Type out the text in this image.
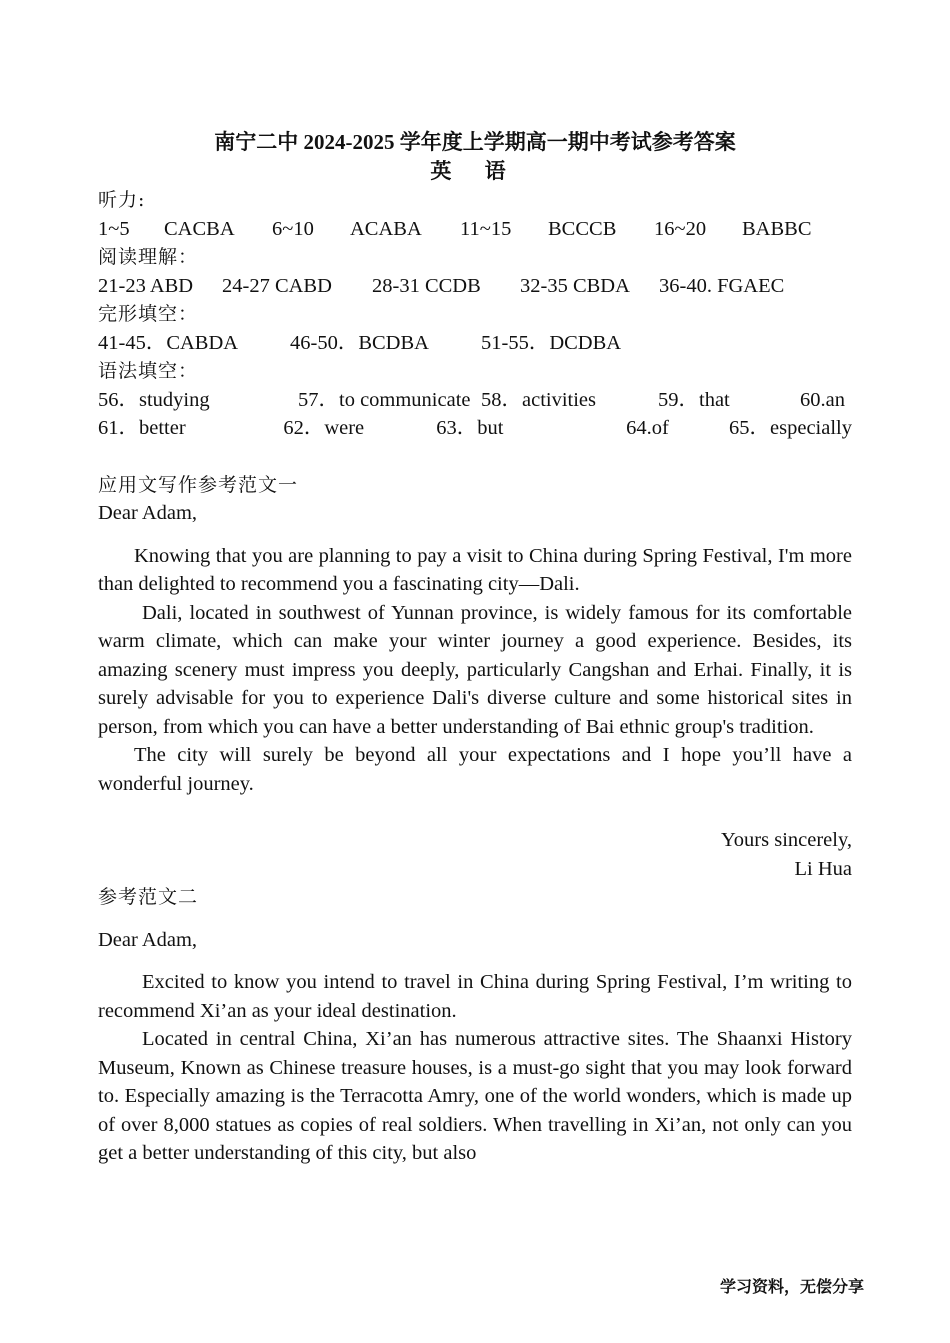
南宁二中 2024-2025 学年度上学期高一期中考试参考答案
英 语
听力:
1~5	CACBA	6~10	ACABA	11~15	BCCCB	16~20	BABBC
阅读理解：
21-23 ABD	24-27 CABD	28-31 CCDB	32-35 CBDA	36-40. FGAEC
完形填空：
41-45．CABDA	46-50．BCDBA	51-55．DCDBA
语法填空：
56．studying	57．to communicate 58．activities	59．that	60.an
61．better	62．were	63．but	64.of	65．especially
应用文写作参考范文一
Dear Adam,
Knowing that you are planning to pay a visit to China during Spring Festival, I'm more than delighted to recommend you a fascinating city—Dali.
Dali, located in southwest of Yunnan province, is widely famous for its comfortable warm climate, which can make your winter journey a good experience. Besides, its amazing scenery must impress you deeply, particularly Cangshan and Erhai. Finally, it is surely advisable for you to experience Dali's diverse culture and some historical sites in person, from which you can have a better understanding of Bai ethnic group's tradition.
The city will surely be beyond all your expectations and I hope you’ll have a wonderful journey.
Yours sincerely,
Li Hua
参考范文二
Dear Adam,
Excited to know you intend to travel in China during Spring Festival, I’m writing to recommend Xi’an as your ideal destination.
Located in central China, Xi’an has numerous attractive sites. The Shaanxi History Museum, Known as Chinese treasure houses, is a must-go sight that you may look forward to. Especially amazing is the Terracotta Amry, one of the world wonders, which is made up of over 8,000 statues as copies of real soldiers. When travelling in Xi’an, not only can you get a better understanding of this city, but also
学习资料，无偿分享
